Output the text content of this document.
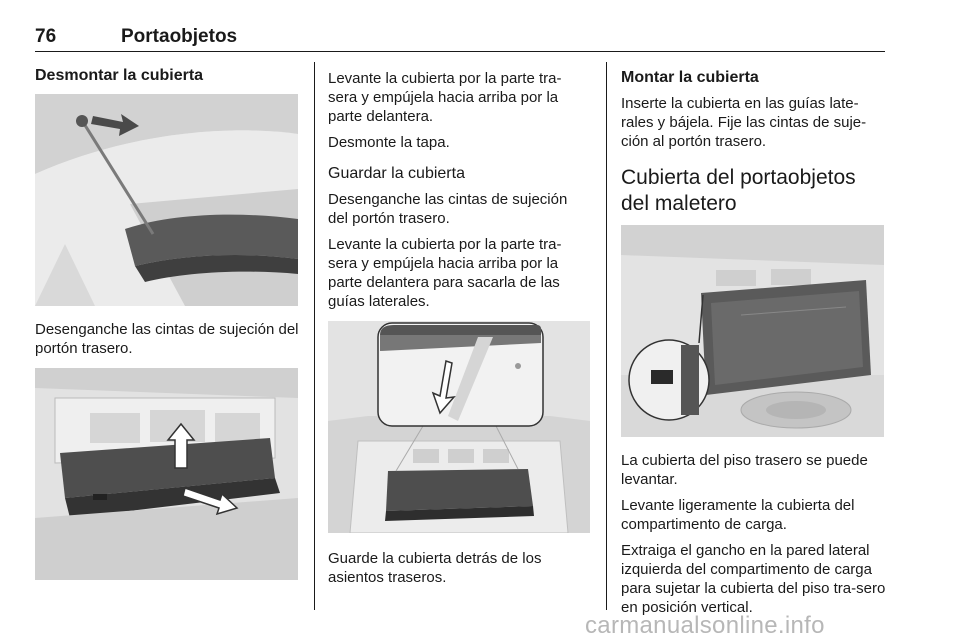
76	Portaobjetos
Desmontar la cubierta
Desenganche las cintas de sujeción del portón trasero.
Levante la cubierta por la parte tra-sera y empújela hacia arriba por la parte delantera.
Desmonte la tapa.
Guardar la cubierta
Desenganche las cintas de sujeción del portón trasero.
Levante la cubierta por la parte tra-sera y empújela hacia arriba por la parte delantera para sacarla de las guías laterales.
Guarde la cubierta detrás de los asientos traseros.
Montar la cubierta
Inserte la cubierta en las guías late-rales y bájela. Fije las cintas de suje-ción al portón trasero.
Cubierta del portaobjetos del maletero
La cubierta del piso trasero se puede levantar.
Levante ligeramente la cubierta del compartimento de carga.
Extraiga el gancho en la pared lateral izquierda del compartimento de carga para sujetar la cubierta del piso tra-sero en posición vertical.
carmanualsonline.info
